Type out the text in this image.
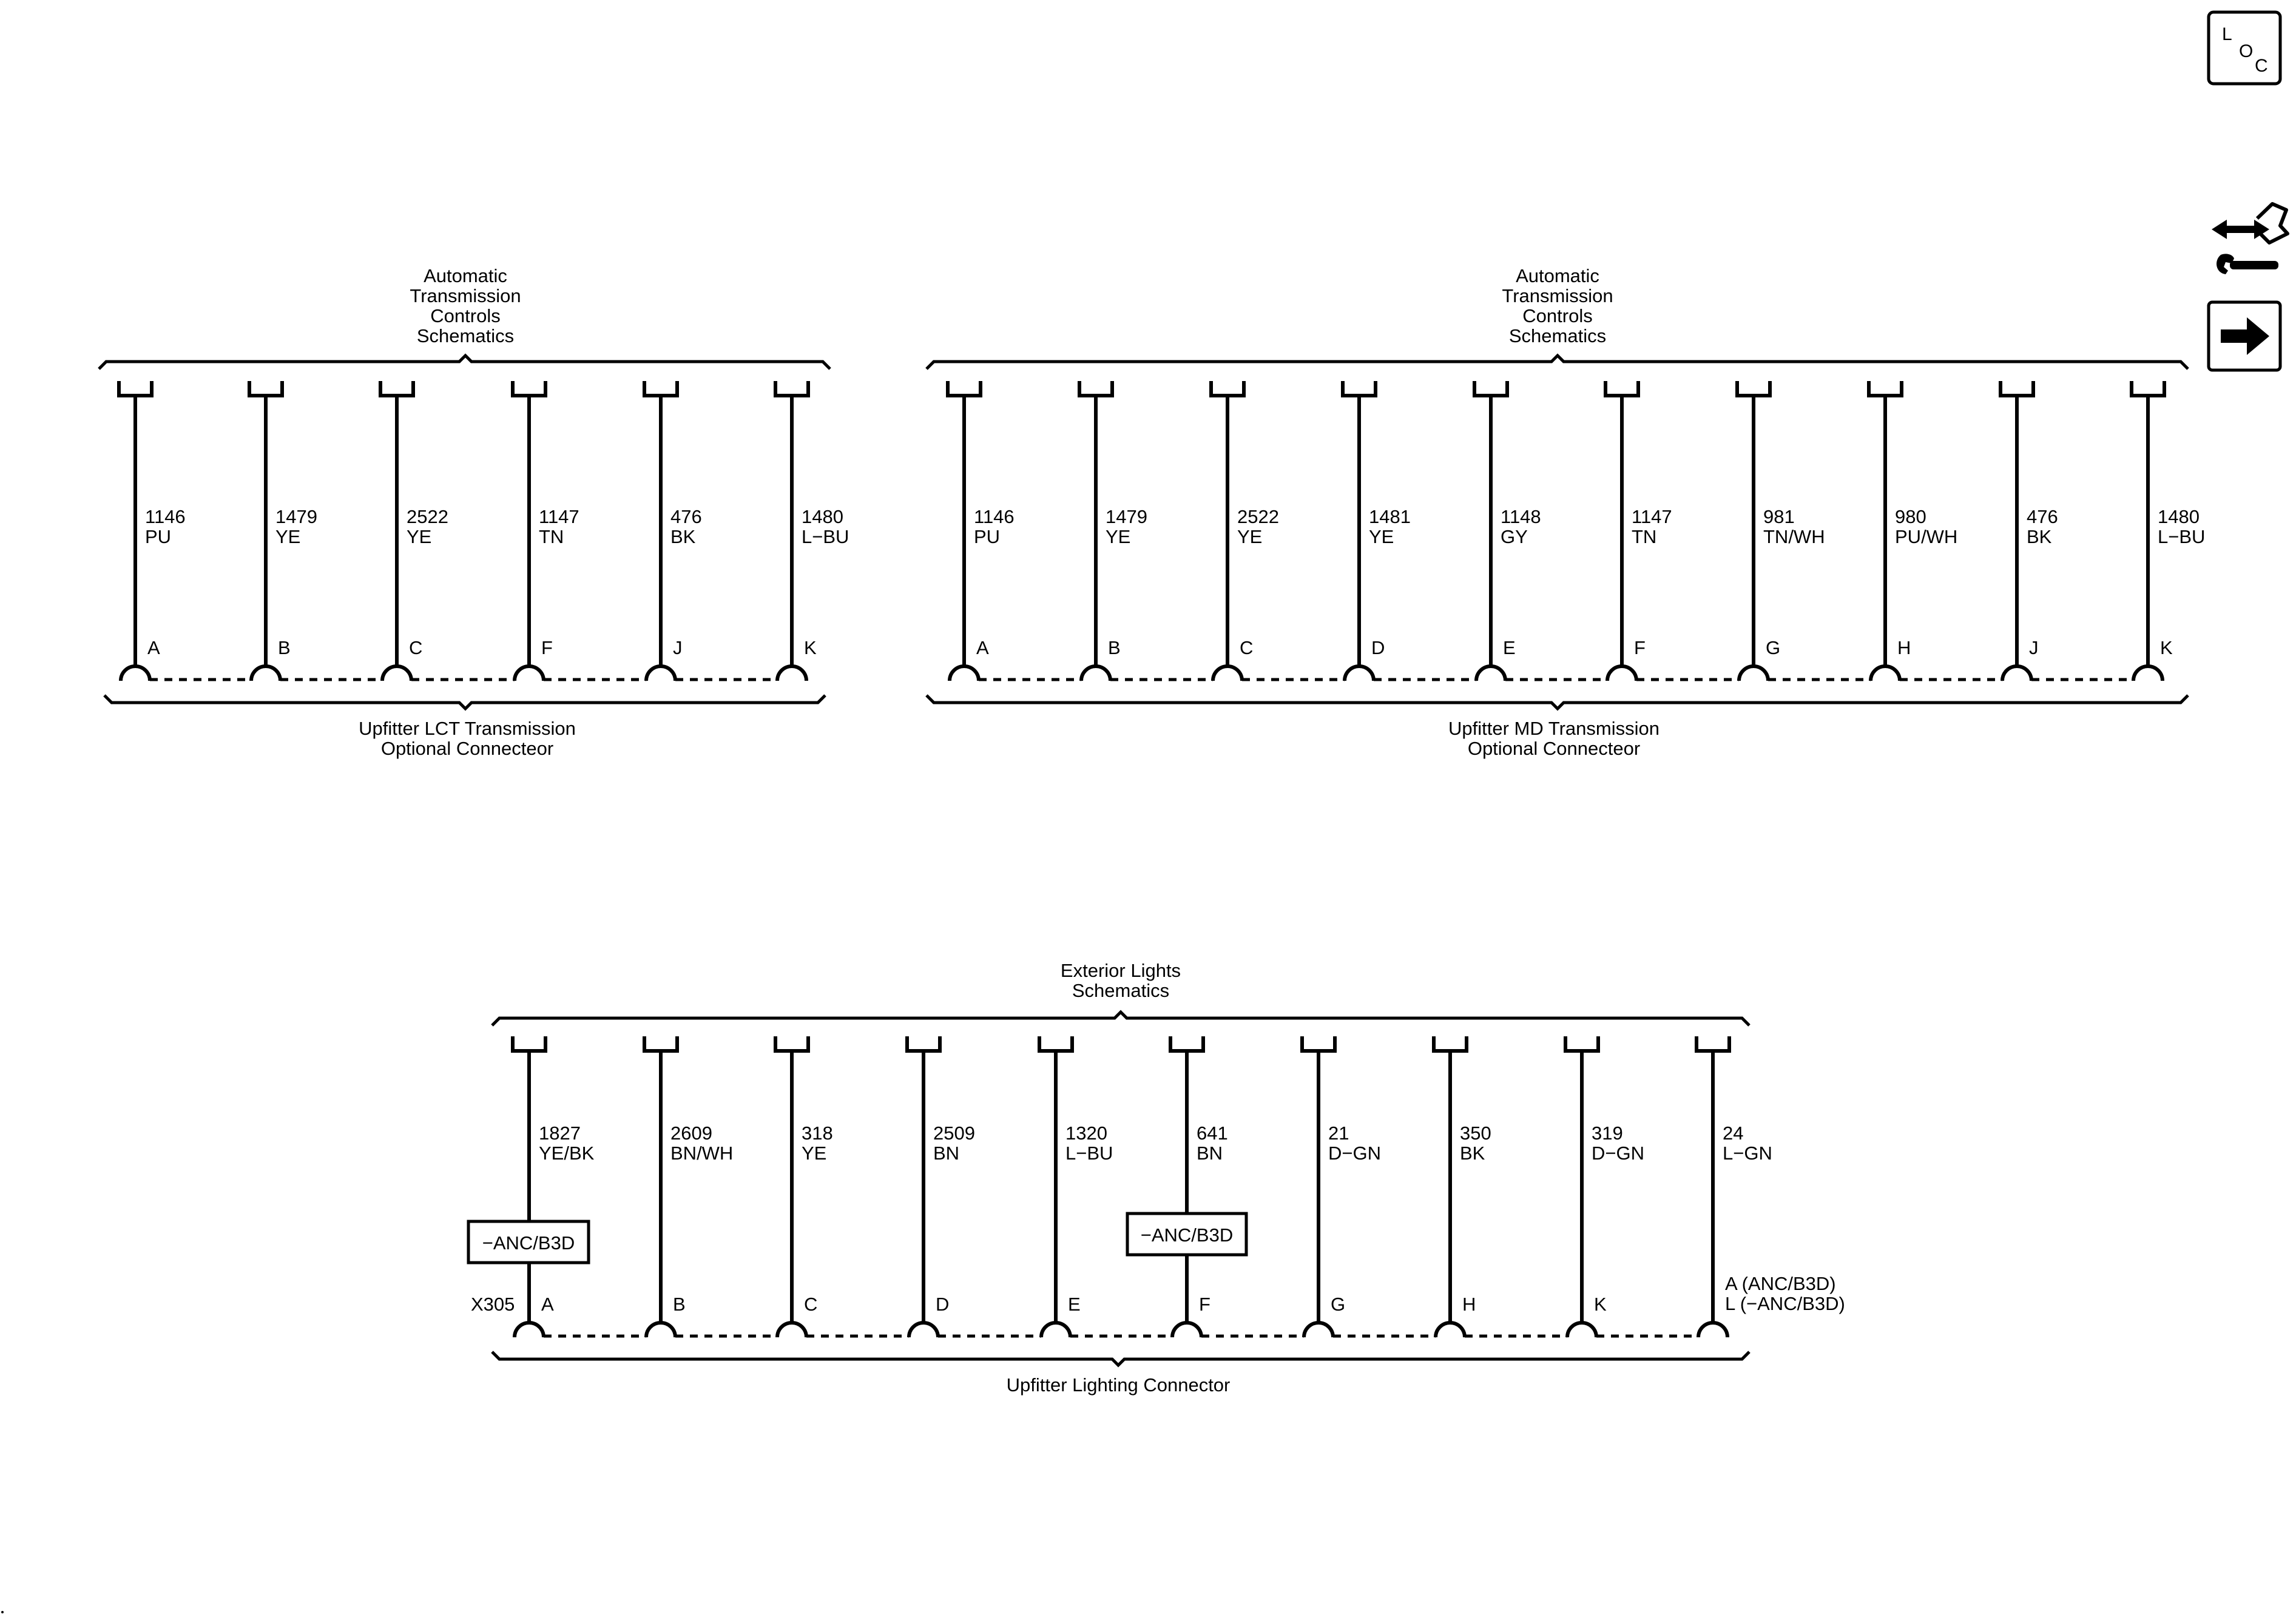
L
O
C
Automatic
Transmission
Controls
Schematics
Upfitter LCT Transmission
Optional Connecteor
1146
PU
A
1479
YE
B
2522
YE
C
1147
TN
F
476
BK
J
1480
L−BU
K
Automatic
Transmission
Controls
Schematics
Upfitter MD Transmission
Optional Connecteor
1146
PU
A
1479
YE
B
2522
YE
C
1481
YE
D
1148
GY
E
1147
TN
F
981
TN/WH
G
980
PU/WH
H
476
BK
J
1480
L−BU
K
Exterior Lights
Schematics
Upfitter Lighting Connector
X305
1827
YE/BK
−ANC/B3D
A
2609
BN/WH
B
318
YE
C
2509
BN
D
1320
L−BU
E
641
BN
−ANC/B3D
F
21
D−GN
G
350
BK
H
319
D−GN
K
24
L−GN
A (ANC/B3D)
L (−ANC/B3D)
